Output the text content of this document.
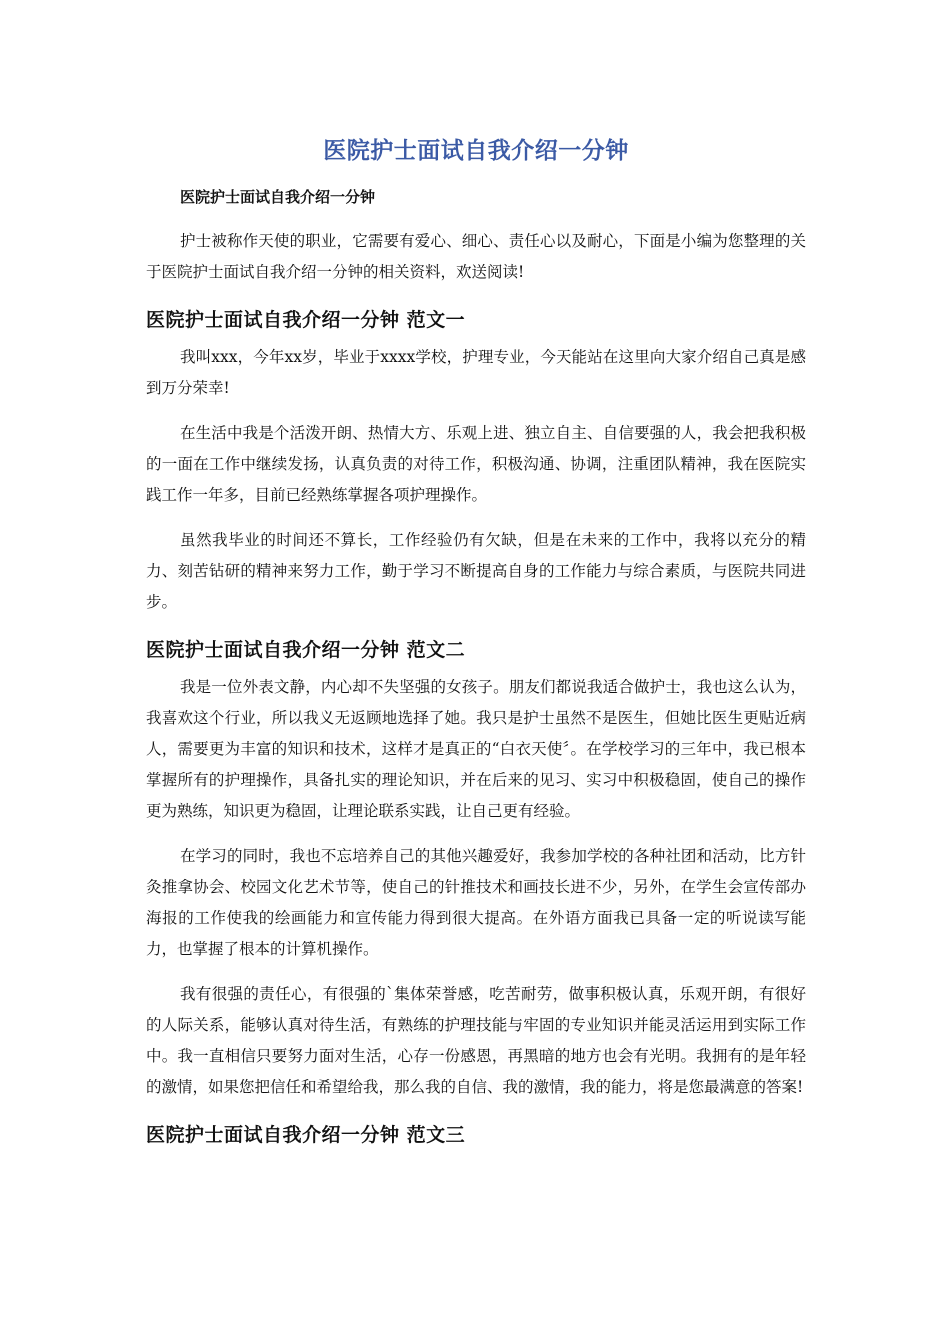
医院护士面试自我介绍一分钟
医院护士面试自我介绍一分钟

护士被称作天使的职业，它需要有爱心、细心、责任心以及耐心，下面是小编为您整理的关于医院护士面试自我介绍一分钟的相关资料，欢送阅读!

医院护士面试自我介绍一分钟 范文一

我叫xxx，今年xx岁，毕业于xxxx学校，护理专业，今天能站在这里向大家介绍自己真是感到万分荣幸!

在生活中我是个活泼开朗、热情大方、乐观上进、独立自主、自信要强的人，我会把我积极的一面在工作中继续发扬，认真负责的对待工作，积极沟通、协调，注重团队精神，我在医院实践工作一年多，目前已经熟练掌握各项护理操作。

虽然我毕业的时间还不算长，工作经验仍有欠缺，但是在未来的工作中，我将以充分的精力、刻苦钻研的精神来努力工作，勤于学习不断提高自身的工作能力与综合素质，与医院共同进步。

医院护士面试自我介绍一分钟 范文二

我是一位外表文静，内心却不失坚强的女孩子。朋友们都说我适合做护士，我也这么认为，我喜欢这个行业，所以我义无返顾地选择了她。我只是护士虽然不是医生，但她比医生更贴近病人，需要更为丰富的知识和技术，这样才是真正的“白衣天使〞。在学校学习的三年中，我已根本掌握所有的护理操作，具备扎实的理论知识，并在后来的见习、实习中积极稳固，使自己的操作更为熟练，知识更为稳固，让理论联系实践，让自己更有经验。

在学习的同时，我也不忘培养自己的其他兴趣爱好，我参加学校的各种社团和活动，比方针灸推拿协会、校园文化艺术节等，使自己的针推技术和画技长进不少，另外，在学生会宣传部办海报的工作使我的绘画能力和宣传能力得到很大提高。在外语方面我已具备一定的听说读写能力，也掌握了根本的计算机操作。

我有很强的责任心，有很强的`集体荣誉感，吃苦耐劳，做事积极认真，乐观开朗，有很好的人际关系，能够认真对待生活，有熟练的护理技能与牢固的专业知识并能灵活运用到实际工作中。我一直相信只要努力面对生活，心存一份感恩，再黑暗的地方也会有光明。我拥有的是年轻的激情，如果您把信任和希望给我，那么我的自信、我的激情，我的能力，将是您最满意的答案!

医院护士面试自我介绍一分钟 范文三
